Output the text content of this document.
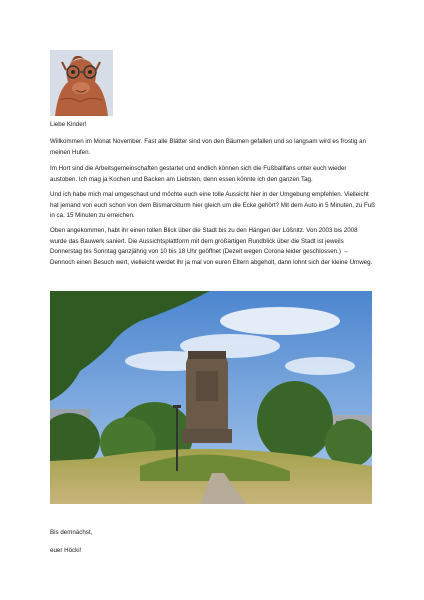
Liebe Kinder!

Willkommen im Monat November. Fast alle Blätter sind von den Bäumen gefallen und so langsam wird es frostig an meinen Hufen.

Im Hort sind die Arbeitsgemeinschaften gestartet und endlich können sich die Fußballfans unter euch wieder austoben. Ich mag ja Kochen und Backen am Liebsten, denn essen könnte ich den ganzen Tag.

Und ich habe mich mal umgeschaut und möchte euch eine tolle Aussicht hier in der Umgebung empfehlen. Vielleicht hat jemand von euch schon von dem Bismarckturm hier gleich um die Ecke gehört? Mit dem Auto in 5 Minuten, zu Fuß in ca. 15 Minuten zu erreichen.

Oben angekommen, habt ihr einen tollen Blick über die Stadt bis zu den Hängen der Lößnitz. Von 2003 bis 2008 wurde das Bauwerk saniert. Die Aussichtsplattform mit dem großartigen Rundblick über die Stadt ist jeweils Donnerstag bis Sonntag ganzjährig von 10 bis 18 Uhr geöffnet (Dezeit wegen Corona leider geschlossen.) → Dennoch einen Besuch wert, vielleicht werdet ihr ja mal von euren Eltern abgeholt, dann lohnt sich der kleine Umweg.

Bis demnächst,

euer Höcki!
